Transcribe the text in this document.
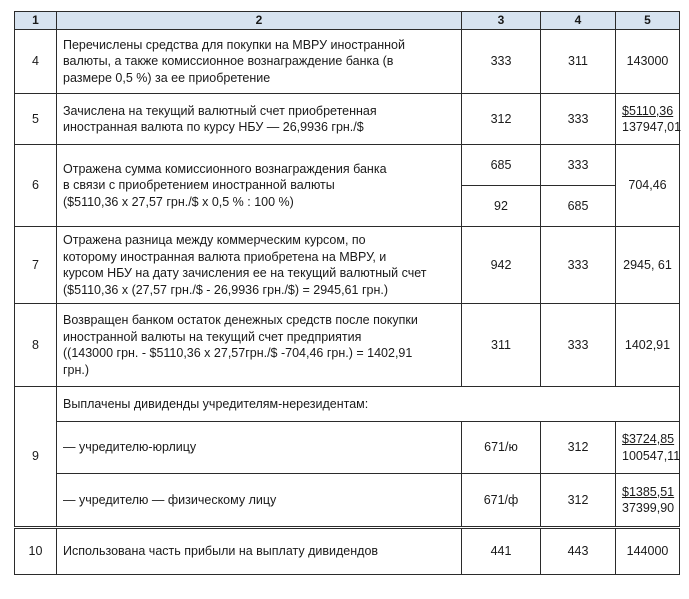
1	2	3	4	5
4	Перечислены средства для покупки на МВРУ иностранной
валюты, а также комиссионное вознаграждение банка (в
размере 0,5 %) за ее приобретение	333	311	143000
5	Зачислена на текущий валютный счет приобретенная
иностранная валюта по курсу НБУ — 26,9936 грн./$	312	333	$5110,36
137947,01

6	Отражена сумма комиссионного вознаграждения банка
в связи с приобретением иностранной валюты
($5110,36 х 27,57 грн./$ х 0,5 % : 100 %)	685	333	704,46
		92	685	
7	Отражена разница между коммерческим курсом, по
которому иностранная валюта приобретена на МВРУ, и
курсом НБУ на дату зачисления ее на текущий валютный счет
($5110,36 х (27,57 грн./$ - 26,9936 грн./$) = 2945,61 грн.)	942	333	2945, 61
8	Возвращен банком остаток денежных средств после покупки
иностранной валюты на текущий счет предприятия
((143000 грн. - $5110,36 х 27,57грн./$ -704,46 грн.) = 1402,91
грн.)	311	333	1402,91
9	Выплачены дивиденды учредителям-нерезидентам:			
	— учредителю-юрлицу	671/ю	312	$3724,85
100547,11

	— учредителю — физическому лицу	671/ф	312	$1385,51
37399,90

10	Использована часть прибыли на выплату дивидендов	441	443	144000
